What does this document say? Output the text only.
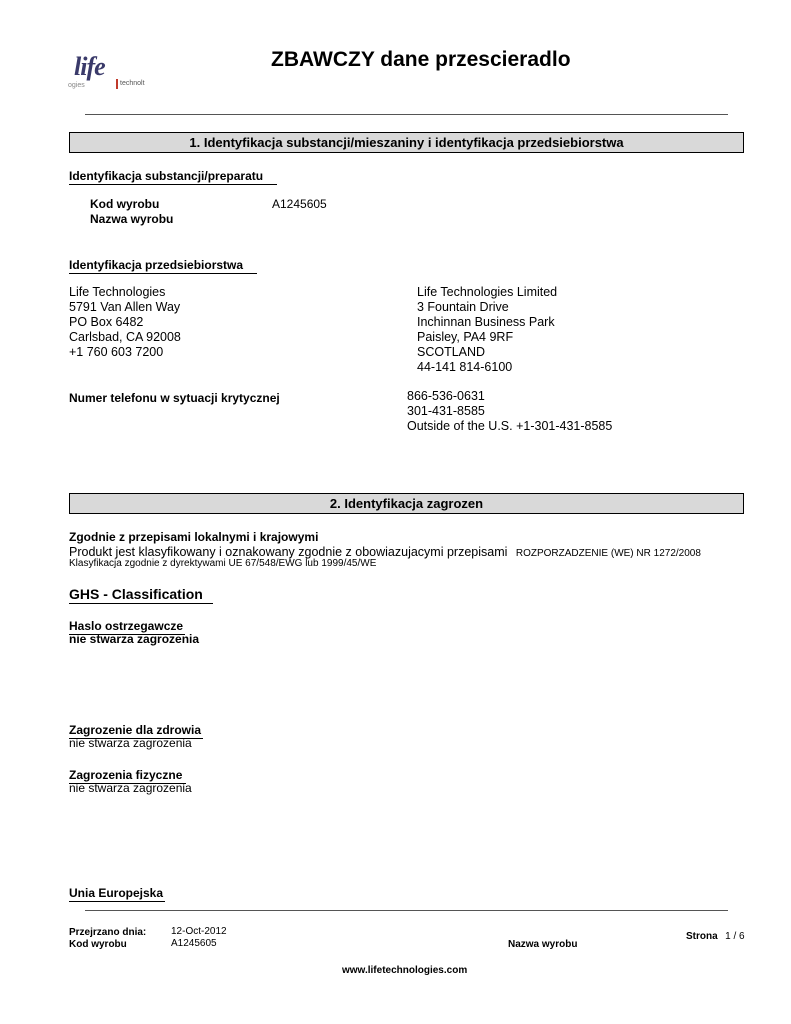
life
ogies	technolt
ZBAWCZY dane przescieradlo
1. Identyfikacja substancji/mieszaniny i identyfikacja przedsiebiorstwa
Identyfikacja substancji/preparatu
Kod wyrobu	A1245605
Nazwa wyrobu
Identyfikacja przedsiebiorstwa
Life Technologies
5791 Van Allen Way
PO Box 6482
Carlsbad, CA 92008
+1 760 603 7200
Life Technologies Limited
3 Fountain Drive
Inchinnan Business Park
Paisley, PA4 9RF
SCOTLAND
44-141 814-6100
Numer telefonu w sytuacji krytycznej	866-536-0631
301-431-8585
Outside of the U.S. +1-301-431-8585
2. Identyfikacja zagrozen
Zgodnie z przepisami lokalnymi i krajowymi
Produkt jest klasyfikowany i oznakowany zgodnie z obowiazujacymi przepisami ROZPORZADZENIE (WE) NR 1272/2008
Klasyfikacja zgodnie z dyrektywami UE 67/548/EWG lub 1999/45/WE
GHS - Classification
Haslo ostrzegawcze
nie stwarza zagrozenia
Zagrozenie dla zdrowia
nie stwarza zagrozenia
Zagrozenia fizyczne
nie stwarza zagrozenia
Unia Europejska
Przejrzano dnia: 12-Oct-2012
Kod wyrobu	A1245605	Nazwa wyrobu
Strona 1 / 6
www.lifetechnologies.com
